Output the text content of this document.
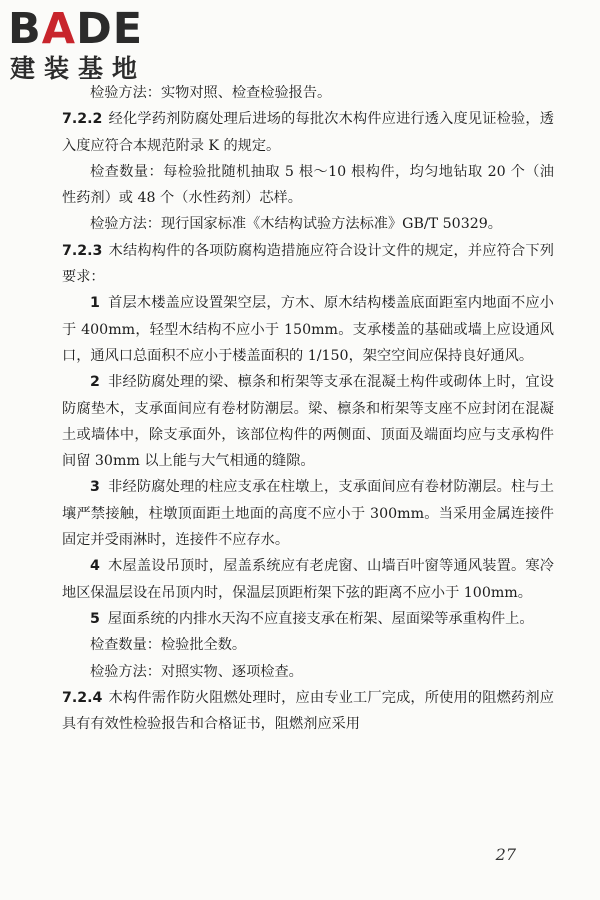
BADE
建装基地

检验方法：实物对照、检查检验报告。

7.2.2 经化学药剂防腐处理后进场的每批次木构件应进行透入度见证检验，透入度应符合本规范附录 K 的规定。

检查数量：每检验批随机抽取 5 根～10 根构件，均匀地钻取 20 个（油性药剂）或 48 个（水性药剂）芯样。

检验方法：现行国家标准《木结构试验方法标准》GB/T 50329。

7.2.3 木结构构件的各项防腐构造措施应符合设计文件的规定，并应符合下列要求：

1 首层木楼盖应设置架空层，方木、原木结构楼盖底面距室内地面不应小于 400mm，轻型木结构不应小于 150mm。支承楼盖的基础或墙上应设通风口，通风口总面积不应小于楼盖面积的 1/150，架空空间应保持良好通风。

2 非经防腐处理的梁、檩条和桁架等支承在混凝土构件或砌体上时，宜设防腐垫木，支承面间应有卷材防潮层。梁、檩条和桁架等支座不应封闭在混凝土或墙体中，除支承面外，该部位构件的两侧面、顶面及端面均应与支承构件间留 30mm 以上能与大气相通的缝隙。

3 非经防腐处理的柱应支承在柱墩上，支承面间应有卷材防潮层。柱与土壤严禁接触，柱墩顶面距土地面的高度不应小于 300mm。当采用金属连接件固定并受雨淋时，连接件不应存水。

4 木屋盖设吊顶时，屋盖系统应有老虎窗、山墙百叶窗等通风装置。寒冷地区保温层设在吊顶内时，保温层顶距桁架下弦的距离不应小于 100mm。

5 屋面系统的内排水天沟不应直接支承在桁架、屋面梁等承重构件上。

检查数量：检验批全数。

检验方法：对照实物、逐项检查。

7.2.4 木构件需作防火阻燃处理时，应由专业工厂完成，所使用的阻燃药剂应具有有效性检验报告和合格证书，阻燃剂应采用

27
